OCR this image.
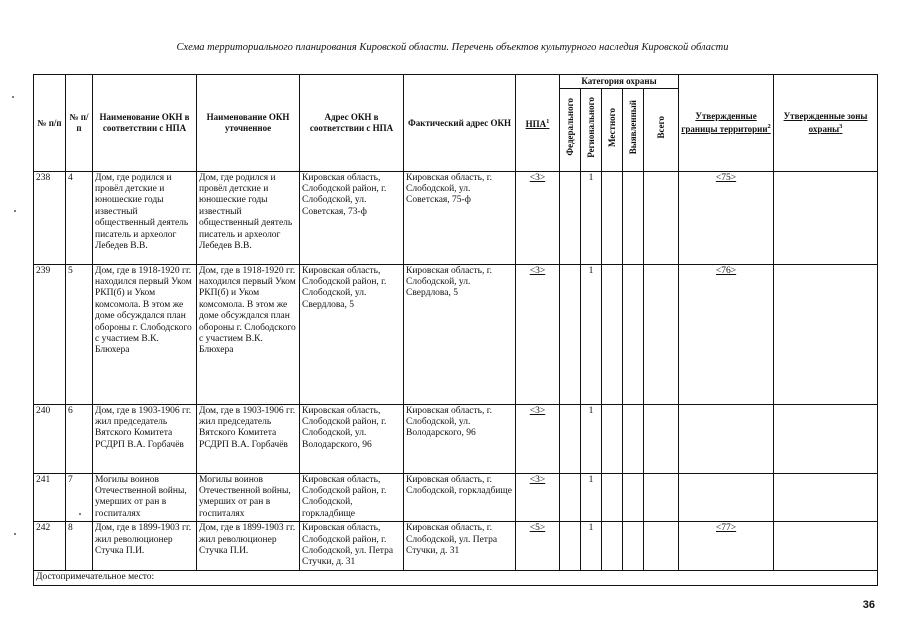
Схема территориального планирования Кировской области. Перечень объектов культурного наследия Кировской области
№ п/п	№ п/п	Наименование ОКН в соответствии с НПА	Наименование ОКН уточненное	Адрес ОКН в соответствии с НПА	Фактический адрес ОКН	НПА$^1$	Категория охраны					Утвержденные границы территории$^2$	Утвержденные зоны охраны$^3$
							Федерального	Регионального	Местного	Выявленный	Всего		
238	4	Дом, где родился и провёл детские и юношеские годы известный общественный деятель писатель и археолог Лебедев В.В.	Дом, где родился и провёл детские и юношеские годы известный общественный деятель писатель и археолог Лебедев В.В.	Кировская область, Слободской район, г. Слободской, ул. Советская, 73-ф	Кировская область, г. Слободской, ул. Советская, 75-ф	<3>		1				<75>	
239	5	Дом, где в 1918-1920 гг. находился первый Уком РКП(б) и Уком комсомола. В этом же доме обсуждался план обороны г. Слободского с участием В.К. Блюхера	Дом, где в 1918-1920 гг. находился первый Уком РКП(б) и Уком комсомола. В этом же доме обсуждался план обороны г. Слободского с участием В.К. Блюхера	Кировская область, Слободской район, г. Слободской, ул. Свердлова, 5	Кировская область, г. Слободской, ул. Свердлова, 5	<3>		1				<76>	
240	6	Дом, где в 1903-1906 гг. жил председатель Вятского Комитета РСДРП В.А. Горбачёв	Дом, где в 1903-1906 гг. жил председатель Вятского Комитета РСДРП В.А. Горбачёв	Кировская область, Слободской район, г. Слободской, ул. Володарского, 96	Кировская область, г. Слободской, ул. Володарского, 96	<3>		1					
241	7	Могилы воинов Отечественной войны, умерших от ран в госпиталях	Могилы воинов Отечественной войны, умерших от ран в госпиталях	Кировская область, Слободской район, г. Слободской, горкладбище	Кировская область, г. Слободской, горкладбище	<3>		1					
242	8	Дом, где в 1899-1903 гг. жил революционер Стучка П.И.	Дом, где в 1899-1903 гг. жил революционер Стучка П.И.	Кировская область, Слободской район, г. Слободской, ул. Петра Стучки, д. 31	Кировская область, г. Слободской, ул. Петра Стучки, д. 31	<5>		1				<77>	
Достопримечательное место:													
36
